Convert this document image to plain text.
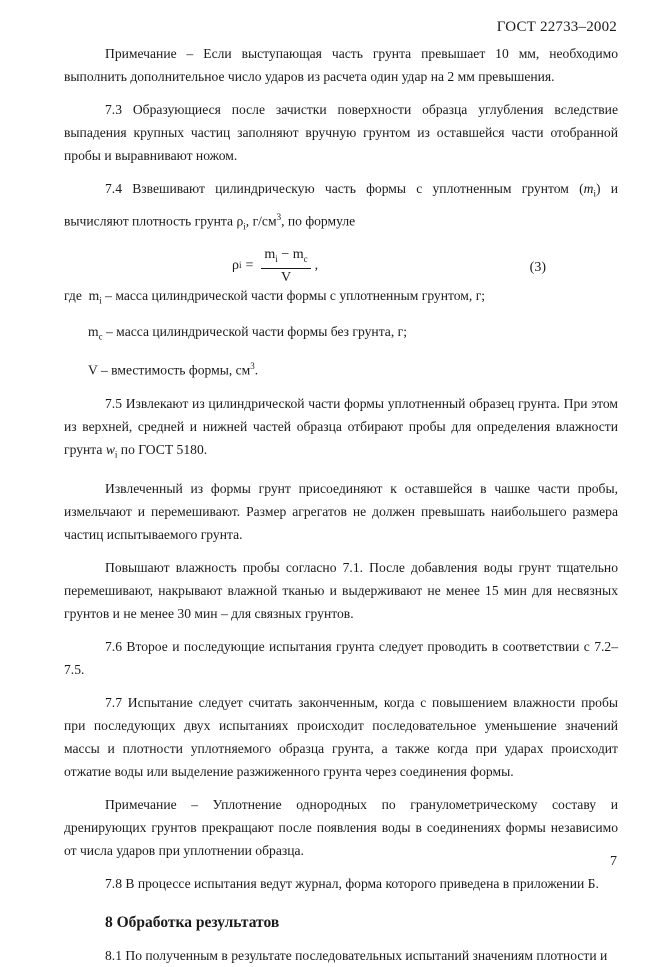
ГОСТ 22733–2002

Примечание – Если выступающая часть грунта превышает 10 мм, необходимо выполнить дополнительное число ударов из расчета один удар на 2 мм превышения.

7.3 Образующиеся после зачистки поверхности образца углубления вследствие выпадения крупных частиц заполняют вручную грунтом из оставшейся части отобранной пробы и выравнивают ножом.

7.4 Взвешивают цилиндрическую часть формы с уплотненным грунтом $(m_i)$ и вычисляют плотность грунта $\rho_i$, $г/см^3$, по формуле

ρ $i = \frac{m_i - m_c}{V}$ ,	(3)

где $m_i$ – масса цилиндрической части формы с уплотненным грунтом, г;

$m_c$ – масса цилиндрической части формы без грунта, г;

V – вместимость формы, $см^3$.

7.5 Извлекают из цилиндрической части формы уплотненный образец грунта. При этом из верхней, средней и нижней частей образца отбирают пробы для определения влажности грунта $w_i$ по ГОСТ 5180.

Извлеченный из формы грунт присоединяют к оставшейся в чашке части пробы, измельчают и перемешивают. Размер агрегатов не должен превышать наибольшего размера частиц испытываемого грунта.

Повышают влажность пробы согласно 7.1. После добавления воды грунт тщательно перемешивают, накрывают влажной тканью и выдерживают не менее 15 мин для несвязных грунтов и не менее 30 мин – для связных грунтов.

7.6 Второе и последующие испытания грунта следует проводить в соответствии с 7.2–7.5.

7.7 Испытание следует считать законченным, когда с повышением влажности пробы при последующих двух испытаниях происходит последовательное уменьшение значений массы и плотности уплотняемого образца грунта, а также когда при ударах происходит отжатие воды или выделение разжиженного грунта через соединения формы.

Примечание – Уплотнение однородных по гранулометрическому составу и дренирующих грунтов прекращают после появления воды в соединениях формы независимо от числа ударов при уплотнении образца.

7.8 В процессе испытания ведут журнал, форма которого приведена в приложении Б.

8 Обработка результатов

8.1 По полученным в результате последовательных испытаний значениям плотности и

7
